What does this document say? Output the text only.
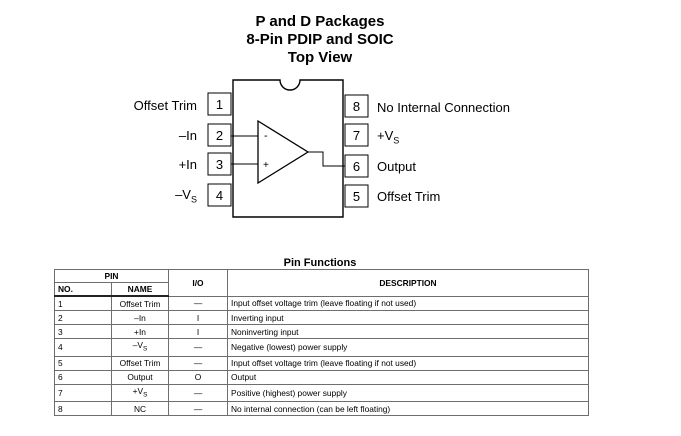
P and D Packages
8-Pin PDIP and SOIC
Top View
1
2
3
4
8
7
6
5
-
+
Offset Trim
–In
+In
$-V_S$
No Internal Connection
$+V_S$
Output
Offset Trim
Pin Functions
PIN		I/O	DESCRIPTION
NO.	NAME		
1	Offset Trim	—	Input offset voltage trim (leave floating if not used)
2	–In	I	Inverting input
3	+In	I	Noninverting input
4	$-V_S$	—	Negative (lowest) power supply
5	Offset Trim	—	Input offset voltage trim (leave floating if not used)
6	Output	O	Output
7	$+V_S$	—	Positive (highest) power supply
8	NC	—	No internal connection (can be left floating)
